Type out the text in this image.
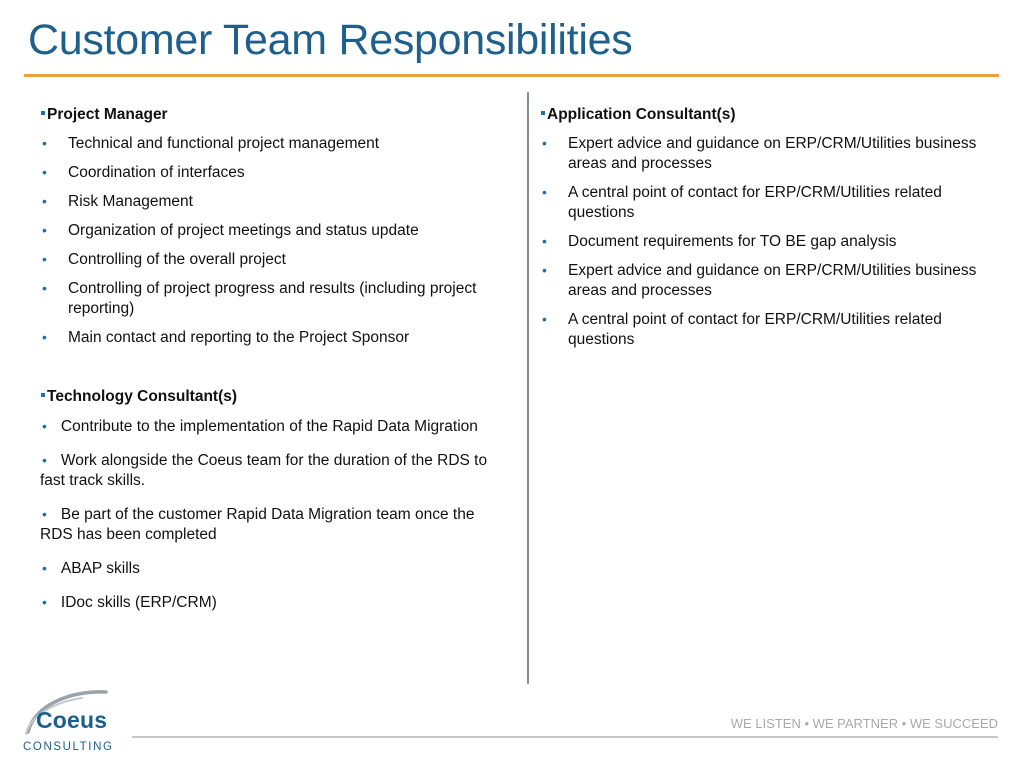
Customer Team Responsibilities
Project Manager
• Technical and functional project management
• Coordination of interfaces
• Risk Management
• Organization of project meetings and status update
• Controlling of the overall project
• Controlling of project progress and results (including project reporting)
• Main contact and reporting to the Project Sponsor
Technology Consultant(s)
• Contribute to the implementation of the Rapid Data Migration
• Work alongside the Coeus team for the duration of the RDS to fast track skills.
• Be part of the customer Rapid Data Migration team once the RDS has been completed
• ABAP skills
• IDoc skills (ERP/CRM)
Application Consultant(s)
• Expert advice and guidance on ERP/CRM/Utilities business areas and processes
• A central point of contact for ERP/CRM/Utilities related questions
• Document requirements for TO BE gap analysis
• Expert advice and guidance on ERP/CRM/Utilities business areas and processes
• A central point of contact for ERP/CRM/Utilities related questions
Coeus
CONSULTING
WE LISTEN • WE PARTNER • WE SUCCEED
